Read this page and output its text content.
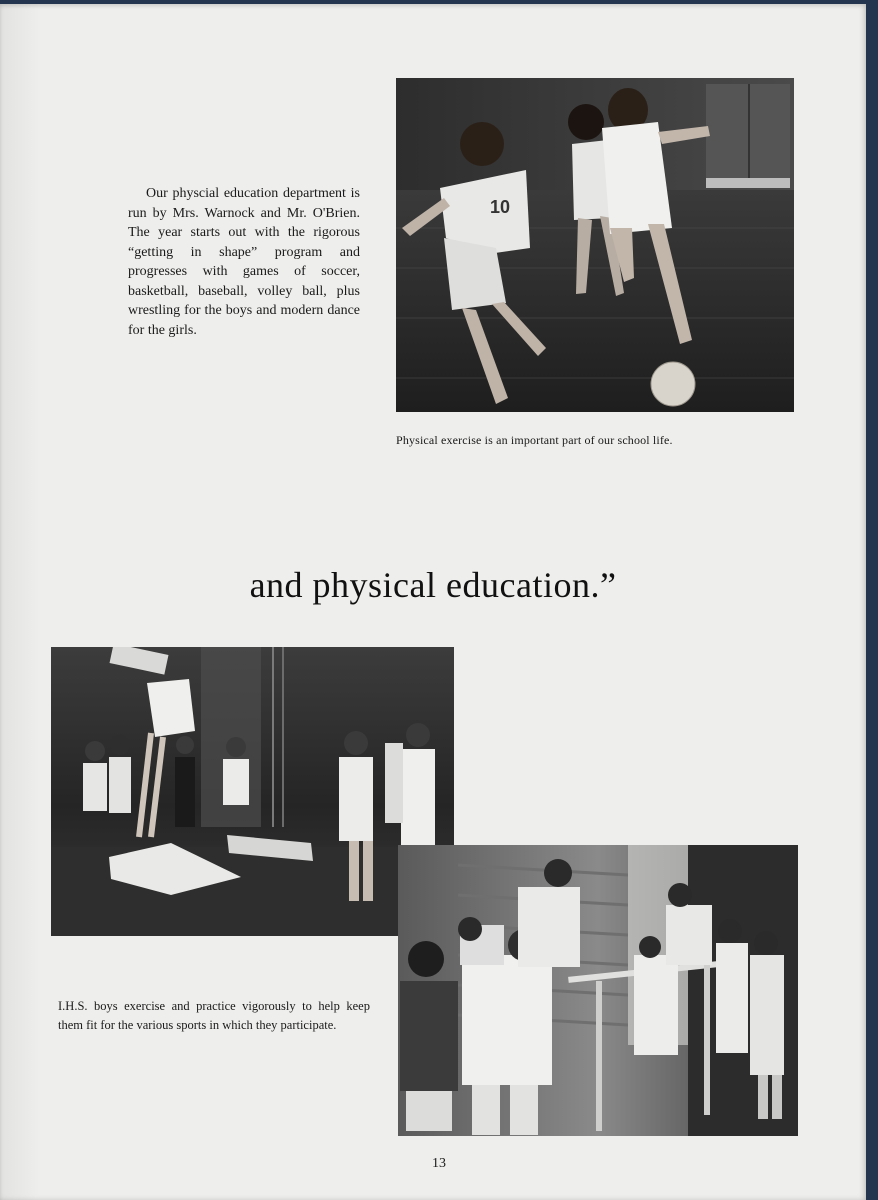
10

Our physcial education department is run by Mrs. Warnock and Mr. O'Brien. The year starts out with the rigorous “getting in shape” program and progresses with games of soccer, basketball, baseball, volley ball, plus wrestling for the boys and modern dance for the girls.

Physical exercise is an important part of our school life.
and physical education.”

I.H.S. boys exercise and practice vigorously to help keep them fit for the various sports in which they participate.

13
